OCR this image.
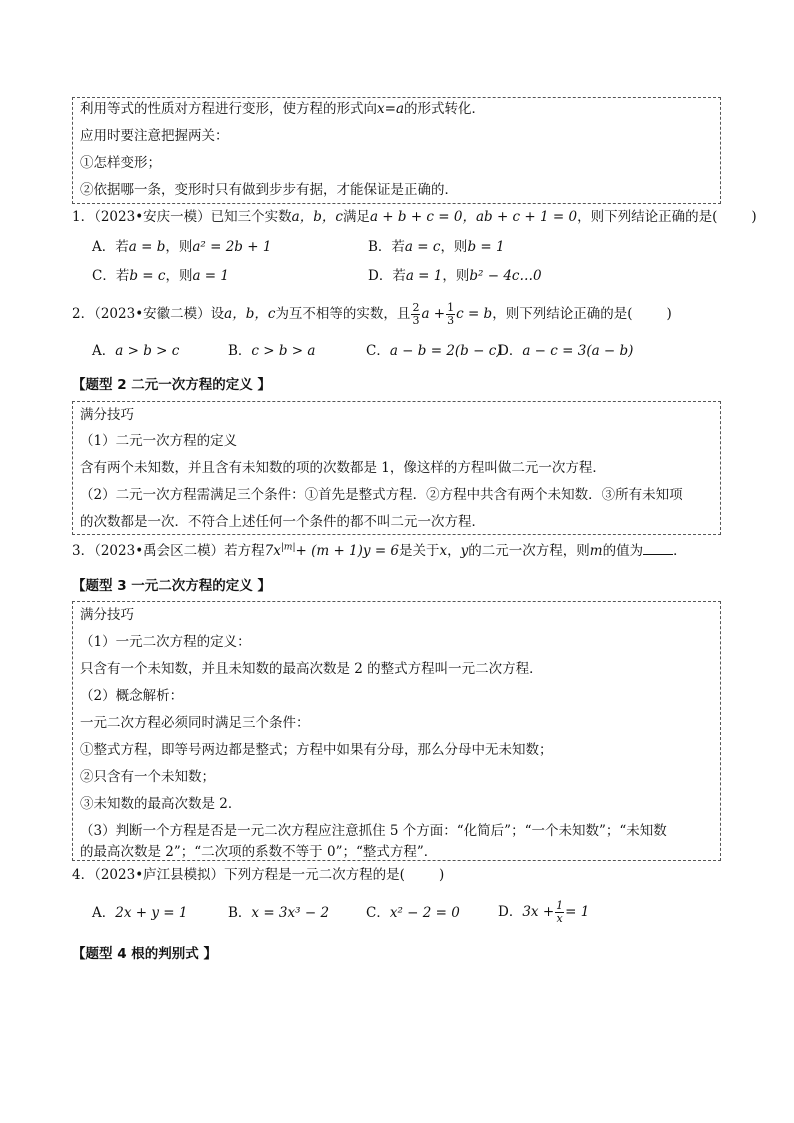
利用等式的性质对方程进行变形，使方程的形式向x=a的形式转化．
应用时要注意把握两关：
①怎样变形；
②依据哪一条，变形时只有做到步步有据，才能保证是正确的．
1．（2023•安庆一模）已知三个实数a，b，c满足a + b + c = 0，ab + c + 1 = 0，则下列结论正确的是(	)
A．若a = b，则a² = 2b + 1	B．若a = c，则b = 1
C．若b = c，则a = 1	D．若a = 1，则b² − 4c…0
2．（2023•安徽二模）设a，b，c为互不相等的实数，且 $\frac{2}{3}$ $a + \frac{1}{3}$ c = b，则下列结论正确的是(	)
A．a > b > c	B．c > b > a	C．a − b = 2(b − c)
D．a − c = 3(a − b)
【题型 2 二元一次方程的定义 】
满分技巧
（1）二元一次方程的定义
含有两个未知数，并且含有未知数的项的次数都是 1，像这样的方程叫做二元一次方程．
（2）二元一次方程需满足三个条件：①首先是整式方程．②方程中共含有两个未知数．③所有未知项
的次数都是一次．不符合上述任何一个条件的都不叫二元一次方程．
3．（2023•禹会区二模）若方程$7x^{|m|}+ (m + 1)y = 6$是关于x，y的二元一次方程，则m的值为 ．
【题型 3 一元二次方程的定义 】
满分技巧
（1）一元二次方程的定义：
只含有一个未知数，并且未知数的最高次数是 2 的整式方程叫一元二次方程．
（2）概念解析：
一元二次方程必须同时满足三个条件：
①整式方程，即等号两边都是整式；方程中如果有分母，那么分母中无未知数；
②只含有一个未知数；
③未知数的最高次数是 2．
（3）判断一个方程是否是一元二次方程应注意抓住 5 个方面：“化简后”；“一个未知数”；“未知数
的最高次数是 2”；“二次项的系数不等于 0”；“整式方程”．
4．（2023•庐江县模拟）下列方程是一元二次方程的是(	)
A．2x + y = 1	B．x = 3x³ − 2	C．x² − 2 = 0	D．$3x + \frac{1}{x} = 1$
【题型 4 根的判别式 】
